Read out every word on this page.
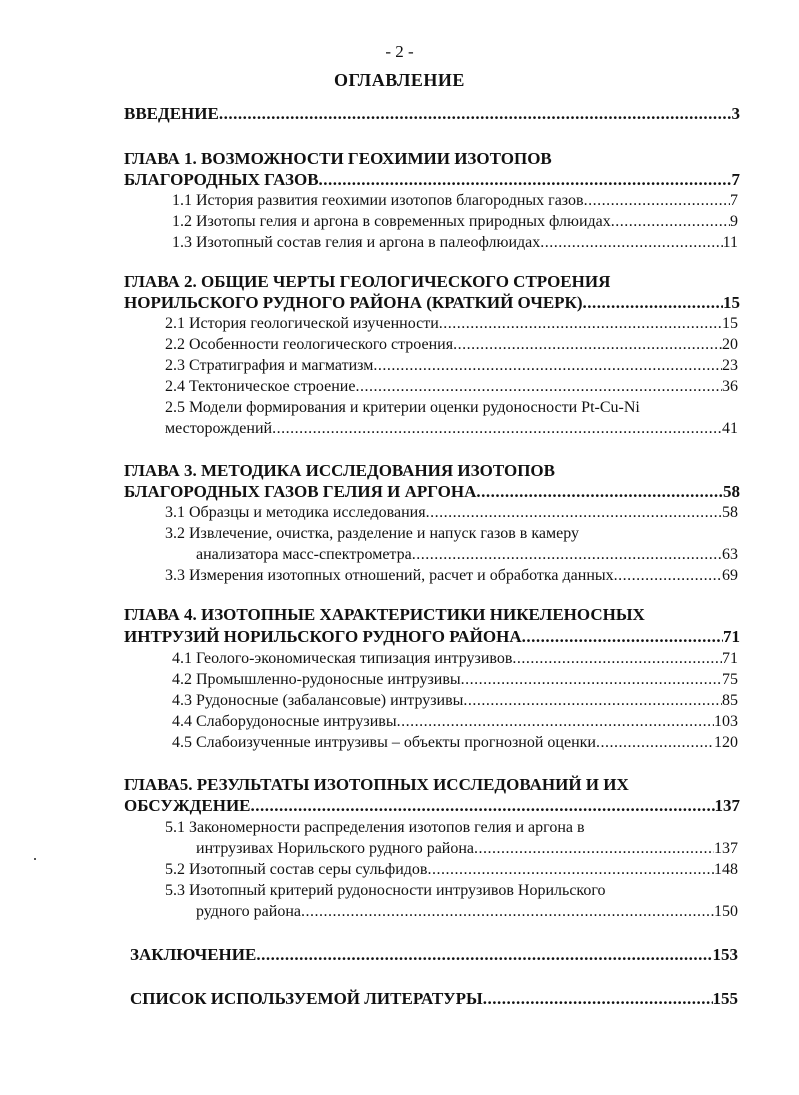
- 2 -
ОГЛАВЛЕНИЕ
ВВЕДЕНИЕ .....	3
ГЛАВА 1. ВОЗМОЖНОСТИ ГЕОХИМИИ ИЗОТОПОВ
БЛАГОРОДНЫХ ГАЗОВ .....	7
1.1 История развития геохимии изотопов благородных газов .....	7
1.2 Изотопы гелия и аргона в современных природных флюидах .....	9
1.3 Изотопный состав гелия и аргона в палеофлюидах .....	11
ГЛАВА 2. ОБЩИЕ ЧЕРТЫ ГЕОЛОГИЧЕСКОГО СТРОЕНИЯ
НОРИЛЬСКОГО РУДНОГО РАЙОНА (КРАТКИЙ ОЧЕРК) .....	15
2.1 История геологической изученности .....	15
2.2 Особенности геологического строения .....	20
2.3 Стратиграфия и магматизм .....	23
2.4 Тектоническое строение .....	36
2.5 Модели формирования и критерии оценки рудоносности Pt-Cu-Ni
месторождений .....	41
ГЛАВА 3. МЕТОДИКА ИССЛЕДОВАНИЯ ИЗОТОПОВ
БЛАГОРОДНЫХ ГАЗОВ ГЕЛИЯ И АРГОНА .....	58
3.1 Образцы и методика исследования .....	58
3.2 Извлечение, очистка, разделение и напуск газов в камеру
анализатора масс-спектрометра .....	63
3.3 Измерения изотопных отношений, расчет и обработка данных .....	69
ГЛАВА 4. ИЗОТОПНЫЕ ХАРАКТЕРИСТИКИ НИКЕЛЕНОСНЫХ
ИНТРУЗИЙ НОРИЛЬСКОГО РУДНОГО РАЙОНА .....	71
4.1 Геолого-экономическая типизация интрузивов .....	71
4.2 Промышленно-рудоносные интрузивы .....	75
4.3 Рудоносные (забалансовые) интрузивы .....	85
4.4 Слаборудоносные интрузивы .....	103
4.5 Слабоизученные интрузивы – объекты прогнозной оценки .....	120
ГЛАВА5. РЕЗУЛЬТАТЫ ИЗОТОПНЫХ ИССЛЕДОВАНИЙ И ИХ
ОБСУЖДЕНИЕ .....	137
5.1 Закономерности распределения изотопов гелия и аргона в
интрузивах Норильского рудного района .....	137
5.2 Изотопный состав серы сульфидов .....	148
5.3 Изотопный критерий рудоносности интрузивов Норильского
рудного района .....	150
ЗАКЛЮЧЕНИЕ .....	153
СПИСОК ИСПОЛЬЗУЕМОЙ ЛИТЕРАТУРЫ .....	155
